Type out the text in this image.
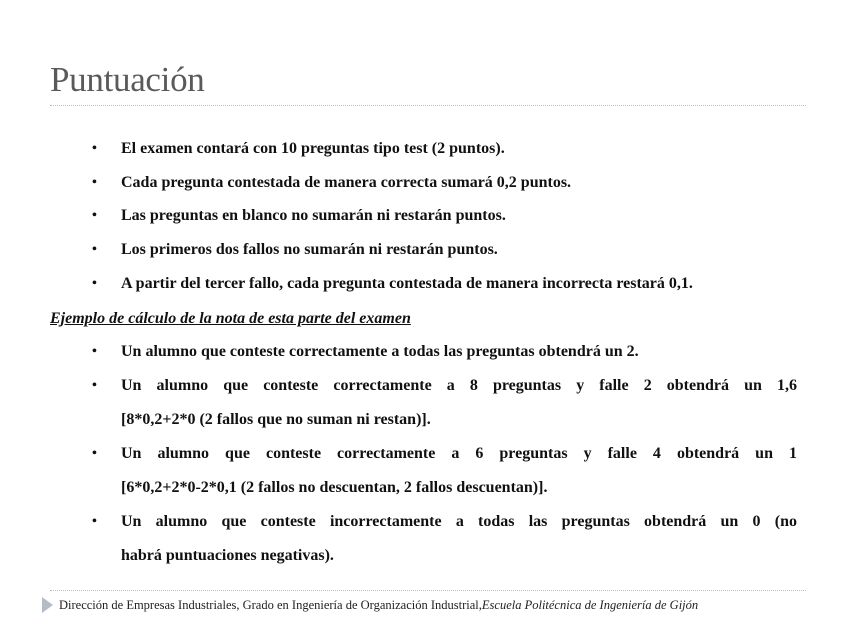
Puntuación
• El examen contará con 10 preguntas tipo test (2 puntos).
• Cada pregunta contestada de manera correcta sumará 0,2 puntos.
• Las preguntas en blanco no sumarán ni restarán puntos.
• Los primeros dos fallos no sumarán ni restarán puntos.
• A partir del tercer fallo, cada pregunta contestada de manera incorrecta restará 0,1.
Ejemplo de cálculo de la nota de esta parte del examen
• Un alumno que conteste correctamente a todas las preguntas obtendrá un 2.
• Un alumno que conteste correctamente a 8 preguntas y falle 2 obtendrá un 1,6
[8*0,2+2*0 (2 fallos que no suman ni restan)].
• Un alumno que conteste correctamente a 6 preguntas y falle 4 obtendrá un 1
[6*0,2+2*0-2*0,1 (2 fallos no descuentan, 2 fallos descuentan)].
• Un alumno que conteste incorrectamente a todas las preguntas obtendrá un 0 (no
habrá puntuaciones negativas).
Dirección de Empresas Industriales, Grado en Ingeniería de Organización Industrial, Escuela Politécnica de Ingeniería de Gijón
